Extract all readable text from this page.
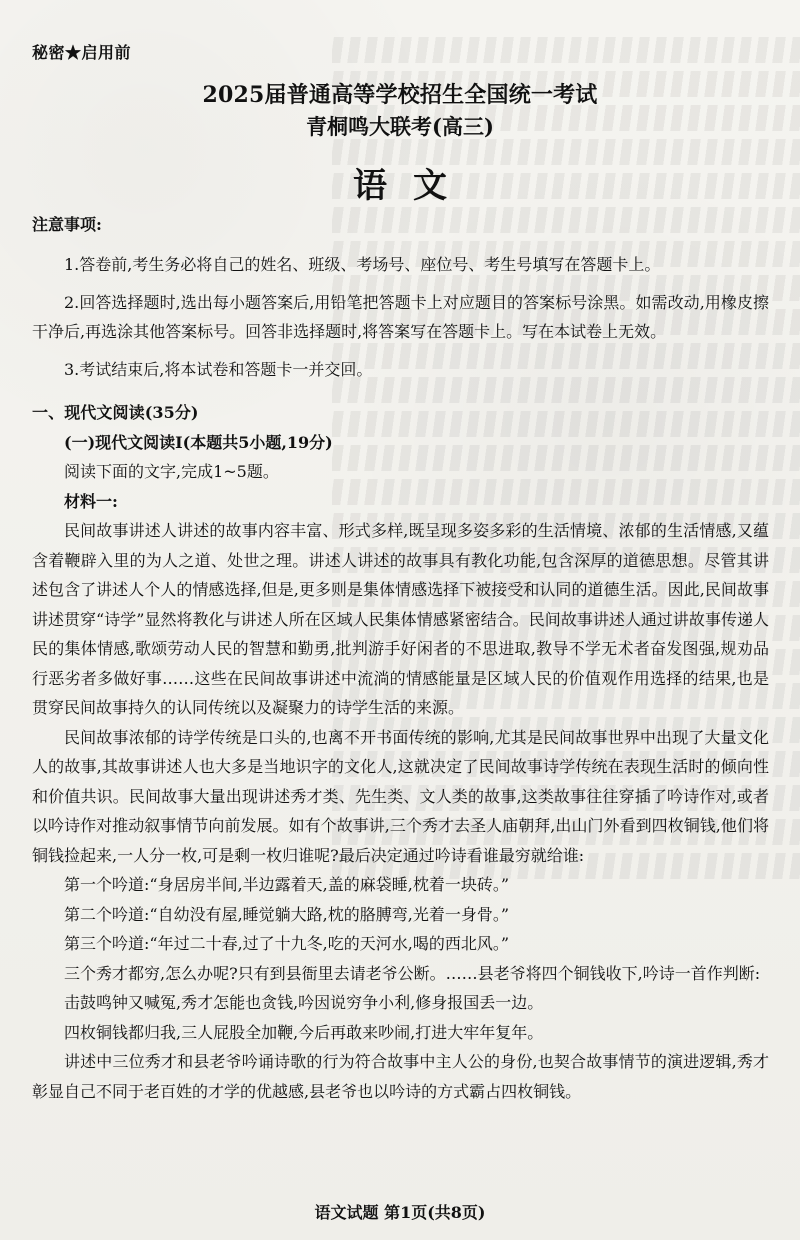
秘密★启用前
2025届普通高等学校招生全国统一考试
青桐鸣大联考(高三)
语文
注意事项:

1.答卷前,考生务必将自己的姓名、班级、考场号、座位号、考生号填写在答题卡上。

2.回答选择题时,选出每小题答案后,用铅笔把答题卡上对应题目的答案标号涂黑。如需改动,用橡皮擦干净后,再选涂其他答案标号。回答非选择题时,将答案写在答题卡上。写在本试卷上无效。

3.考试结束后,将本试卷和答题卡一并交回。

一、现代文阅读(35分)

(一)现代文阅读Ⅰ(本题共5小题,19分)

阅读下面的文字,完成1~5题。

材料一:

民间故事讲述人讲述的故事内容丰富、形式多样,既呈现多姿多彩的生活情境、浓郁的生活情感,又蕴含着鞭辟入里的为人之道、处世之理。讲述人讲述的故事具有教化功能,包含深厚的道德思想。尽管其讲述包含了讲述人个人的情感选择,但是,更多则是集体情感选择下被接受和认同的道德生活。因此,民间故事讲述贯穿“诗学”显然将教化与讲述人所在区域人民集体情感紧密结合。民间故事讲述人通过讲故事传递人民的集体情感,歌颂劳动人民的智慧和勤勇,批判游手好闲者的不思进取,教导不学无术者奋发图强,规劝品行恶劣者多做好事……这些在民间故事讲述中流淌的情感能量是区域人民的价值观作用选择的结果,也是贯穿民间故事持久的认同传统以及凝聚力的诗学生活的来源。

民间故事浓郁的诗学传统是口头的,也离不开书面传统的影响,尤其是民间故事世界中出现了大量文化人的故事,其故事讲述人也大多是当地识字的文化人,这就决定了民间故事诗学传统在表现生活时的倾向性和价值共识。民间故事大量出现讲述秀才类、先生类、文人类的故事,这类故事往往穿插了吟诗作对,或者以吟诗作对推动叙事情节向前发展。如有个故事讲,三个秀才去圣人庙朝拜,出山门外看到四枚铜钱,他们将铜钱捡起来,一人分一枚,可是剩一枚归谁呢?最后决定通过吟诗看谁最穷就给谁:

第一个吟道:“身居房半间,半边露着天,盖的麻袋睡,枕着一块砖。”

第二个吟道:“自幼没有屋,睡觉躺大路,枕的胳膊弯,光着一身骨。”

第三个吟道:“年过二十春,过了十九冬,吃的天河水,喝的西北风。”

三个秀才都穷,怎么办呢?只有到县衙里去请老爷公断。……县老爷将四个铜钱收下,吟诗一首作判断:

击鼓鸣钟又喊冤,秀才怎能也贪钱,吟因说穷争小利,修身报国丢一边。

四枚铜钱都归我,三人屁股全加鞭,今后再敢来吵闹,打进大牢年复年。

讲述中三位秀才和县老爷吟诵诗歌的行为符合故事中主人公的身份,也契合故事情节的演进逻辑,秀才彰显自己不同于老百姓的才学的优越感,县老爷也以吟诗的方式霸占四枚铜钱。

语文试题 第1页(共8页)
